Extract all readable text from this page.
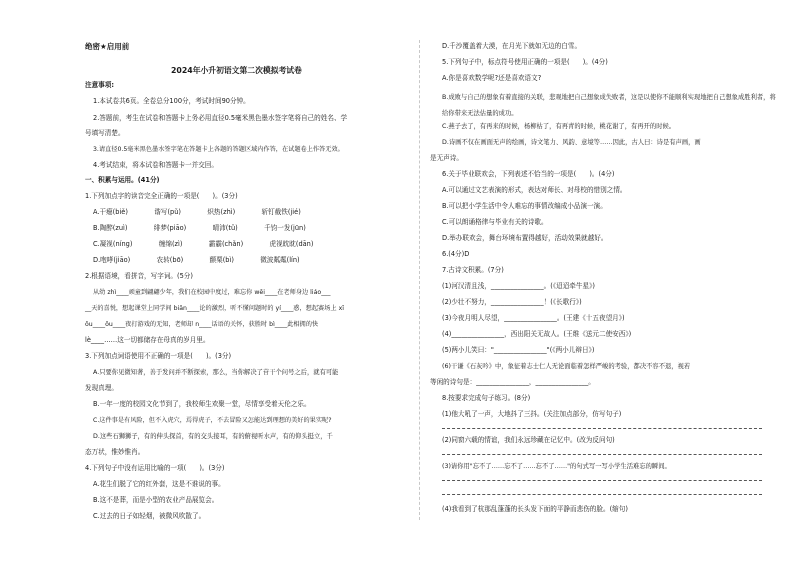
绝密★启用前
2024年小升初语文第二次模拟考试卷
注意事项:
1.本试卷共6页。全卷总分100分，考试时间90分钟。
2.答题前，考生在试卷和答题卡上务必用直径0.5毫米黑色墨水签字笔将自己的姓名、学
号填写清楚。
3.请直径0.5毫米黑色墨水签字笔在答题卡上各题的答题区域内作答，在试题卷上作答无效。
4.考试结束，将本试卷和答题卡一并交回。
一、积累与运用。(41分)
1.下列加点字的读音完全正确的一项是(　　)。(3分)
A.干瘪(biě)　　　　谐写(pǔ)　　　　炽热(zhì)　　　　斩钉截铁(jié)
B.陶醉(zuì)　　　　绯梦(piāo)　　　　晴沛(tǔ)　　　　千钧一发(jūn)
C.凝视(níng)　　　　缠绵(zì)　　　　霸霸(chǎn)　　　　虎视眈眈(dān)
D.咆哮(jiāo)　　　　农转(bō)　　　　颤栗(bì)　　　　微波粼粼(lín)
2.根据语境，看拼音，写字词。(5分)
从幼 zhì____顽童到翩翩少年，我们在校园中度过，难忘你 wēi____在老师身边 liáo___
__天的喜悦，想起课堂上同学间 biān____论的激烈，听不懂问题时的 yí____惑，想起赛场上 xī
ōu____ōu____夜打游戏的无知，老师却 n____话语的关怀，获胜时 bì____此相拥的快
lè____……这一切都储存在母真的岁月里。
3.下列加点词语使用不正确的一项是(　　)。(3分)
A.只要你见微知著，善于发问并不断探索，那么，当你解决了苷干个问号之后，就有可能
发现真理。
B.一年一度的校园文化节到了，我校师生欢聚一堂，尽情享受着天伦之乐。
C.这件事是有风险，但不入虎穴，焉得虎子，不去冒险又怎能达到理想的美好的果实呢?
D.这些石狮狮子，有的伸头探首，有的交头接耳，有的俯视听水声，有的仰头挺立，千
态万状，惟妙惟肖。
4.下列句子中没有运用比喻的一项(　　)。(3分)
A.花生们脱了它的红外套，这是不谁说的事。
B.这不是葬，而是小型的农业产品展览会。
C.过去的日子如轻烟，被微风吹散了。
D.千沙覆盖着大漠，在月光下就如无边的白雪。
5.下列句子中，标点符号使用正确的一项是(　　)。(4分)
A.你是喜欢数学呢?还是喜欢语文?
B.成败与自己的想象有着直接的关联，悲观地把自己想象成失败者，这是以使你不能顺利实现地把自己想象成胜利者，将给你带来无法估量的成功。
C.燕子去了，有再来的时候，杨柳枯了，有再青的时候，桃花谢了，有再开的时候。
D.诗画不仅在画面无声的绘画，诗文笔力、风韵、意境等……因此，古人曰：诗是有声画，画
是无声诗。
6.关于毕业联欢会，下列表述不恰当的一项是(　　)。(4分)
A.可以通过文艺表演的形式，表达对师长、对母校的惜别之情。
B.可以把小学生活中令人难忘的事情改编成小品演一演。
C.可以朗诵格律与毕业有关的诗歌。
D.举办联欢会，舞台环境布置得越好，活动效果就越好。
6.(4分)D
7.古诗文积累。(7分)
(1)河汉清且浅，________________。(《迢迢牵牛星》)
(2)少壮不努力，________________！(《长歌行》)
(3)今夜月明人尽望，________________。(王建《十五夜望月》)
(4)________________，西出阳关无故人。(王维《送元二使安西》)
(5)两小儿笑曰："________________"(《两小儿辩日》)
(6)干谦《石灰吟》中，象征着志士仁人无论面临着怎样严峻的考验，都决不容不退，视若
等闲的诗句是：________________，________________。
8.按要求完成句子练习。(8分)
(1)他大吼了一声，大地抖了三抖。(关注加点部分，仿写句子)
(2)同窗六载的情谊，我们永远珍藏在记忆中。(改为反问句)
(3)请你用"忘不了……忘不了……忘不了……"的句式写一写小学生活难忘的瞬间。
(4)我看到了杭那乱蓬蓬的长头发下面的平静而悲伤的脸。(缩句)
